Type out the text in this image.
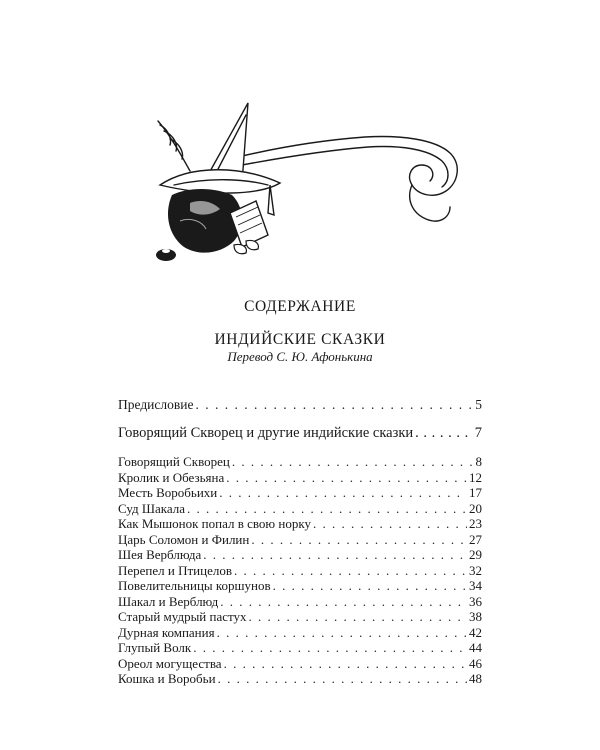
СОДЕРЖАНИЕ
ИНДИЙСКИЕ СКАЗКИ
Перевод С. Ю. Афонькина
Предисловие . . .	5
Говорящий Скворец и другие индийские сказки . . .	7
Говорящий Скворец . . .	8
Кролик и Обезьяна . . .	12
Месть Воробьихи . . .	17
Суд Шакала . . .	20
Как Мышонок попал в свою норку . . .	23
Царь Соломон и Филин . . .	27
Шея Верблюда . . .	29
Перепел и Птицелов . . .	32
Повелительницы коршунов . . .	34
Шакал и Верблюд . . .	36
Старый мудрый пастух . . .	38
Дурная компания . . .	42
Глупый Волк . . .	44
Ореол могущества . . .	46
Кошка и Воробьи . . .	48
